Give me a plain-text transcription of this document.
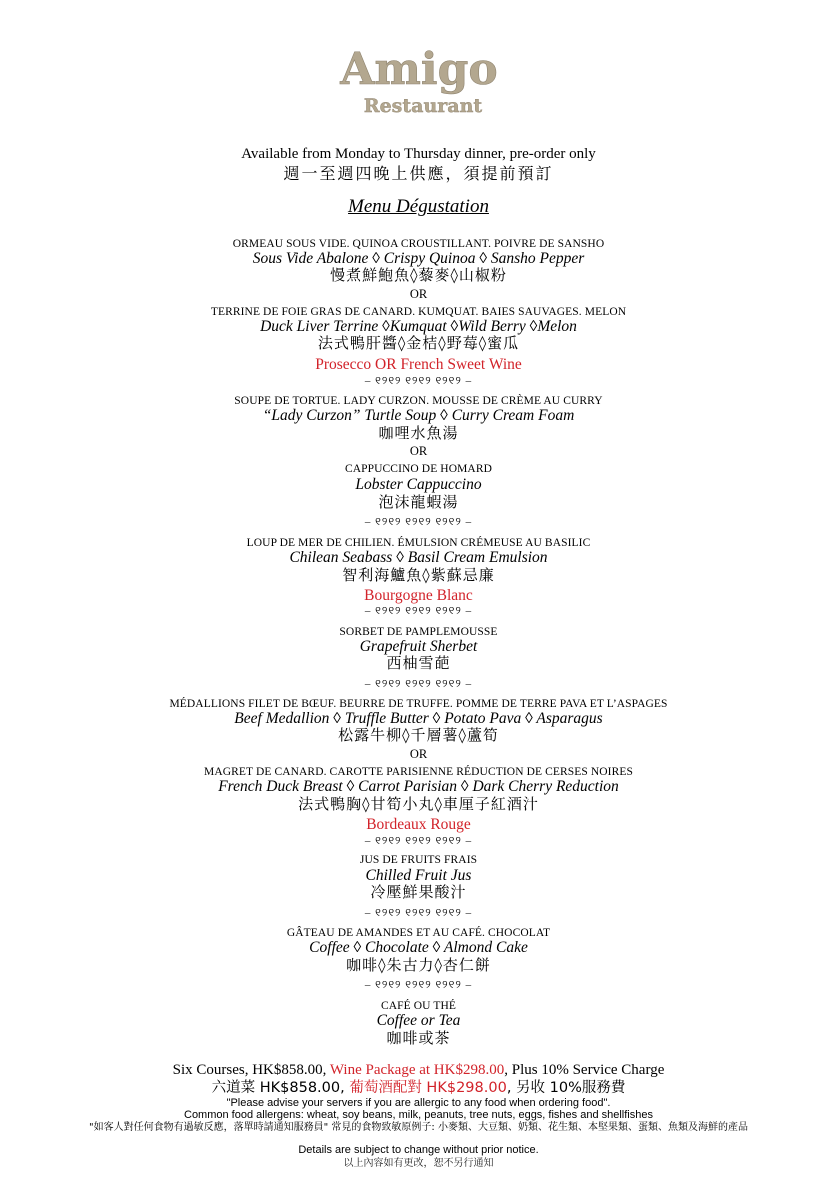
Amigo
Restaurant
Available from Monday to Thursday dinner, pre-order only
週一至週四晚上供應，須提前預訂
Menu Dégustation
ORMEAU SOUS VIDE. QUINOA CROUSTILLANT. POIVRE DE SANSHO
Sous Vide Abalone ◊ Crispy Quinoa ◊ Sansho Pepper
慢煮鮮鮑魚◊藜麥◊山椒粉
OR
TERRINE DE FOIE GRAS DE CANARD. KUMQUAT. BAIES SAUVAGES. MELON
Duck Liver Terrine ◊Kumquat ◊Wild Berry ◊Melon
法式鴨肝醬◊金桔◊野莓◊蜜瓜
Prosecco OR French Sweet Wine
– ୧୨୧୨ ୧୨୧୨ ୧୨୧୨ –
SOUPE DE TORTUE. LADY CURZON. MOUSSE DE CRÈME AU CURRY
“Lady Curzon” Turtle Soup ◊ Curry Cream Foam
咖哩水魚湯
OR
CAPPUCCINO DE HOMARD
Lobster Cappuccino
泡沫龍蝦湯
– ୧୨୧୨ ୧୨୧୨ ୧୨୧୨ –
LOUP DE MER DE CHILIEN. ÉMULSION CRÉMEUSE AU BASILIC
Chilean Seabass ◊ Basil Cream Emulsion
智利海鱸魚◊紫蘇忌廉
Bourgogne Blanc
– ୧୨୧୨ ୧୨୧୨ ୧୨୧୨ –
SORBET DE PAMPLEMOUSSE
Grapefruit Sherbet
西柚雪葩
– ୧୨୧୨ ୧୨୧୨ ୧୨୧୨ –
MÉDALLIONS FILET DE BŒUF. BEURRE DE TRUFFE. POMME DE TERRE PAVA ET L’ASPAGES
Beef Medallion ◊ Truffle Butter ◊ Potato Pava ◊ Asparagus
松露牛柳◊千層薯◊蘆筍
OR
MAGRET DE CANARD. CAROTTE PARISIENNE RÉDUCTION DE CERSES NOIRES
French Duck Breast ◊ Carrot Parisian ◊ Dark Cherry Reduction
法式鴨胸◊甘筍小丸◊車厘子紅酒汁
Bordeaux Rouge
– ୧୨୧୨ ୧୨୧୨ ୧୨୧୨ –
JUS DE FRUITS FRAIS
Chilled Fruit Jus
冷壓鮮果酸汁
– ୧୨୧୨ ୧୨୧୨ ୧୨୧୨ –
GÂTEAU DE AMANDES ET AU CAFÉ. CHOCOLAT
Coffee ◊ Chocolate ◊ Almond Cake
咖啡◊朱古力◊杏仁餅
– ୧୨୧୨ ୧୨୧୨ ୧୨୧୨ –
CAFÉ OU THÉ
Coffee or Tea
咖啡或茶
Six Courses, HK$858.00, Wine Package at HK$298.00, Plus 10% Service Charge
六道菜 HK$858.00, 葡萄酒配對 HK$298.00, 另收 10%服務費
"Please advise your servers if you are allergic to any food when ordering food".
Common food allergens: wheat, soy beans, milk, peanuts, tree nuts, eggs, fishes and shellfishes
"如客人對任何食物有過敏反應，落單時請通知服務員" 常見的食物致敏原例子: 小麥類、大豆類、奶類、花生類、本堅果類、蛋類、魚類及海鮮的產品
Details are subject to change without prior notice.
以上內容如有更改，恕不另行通知
